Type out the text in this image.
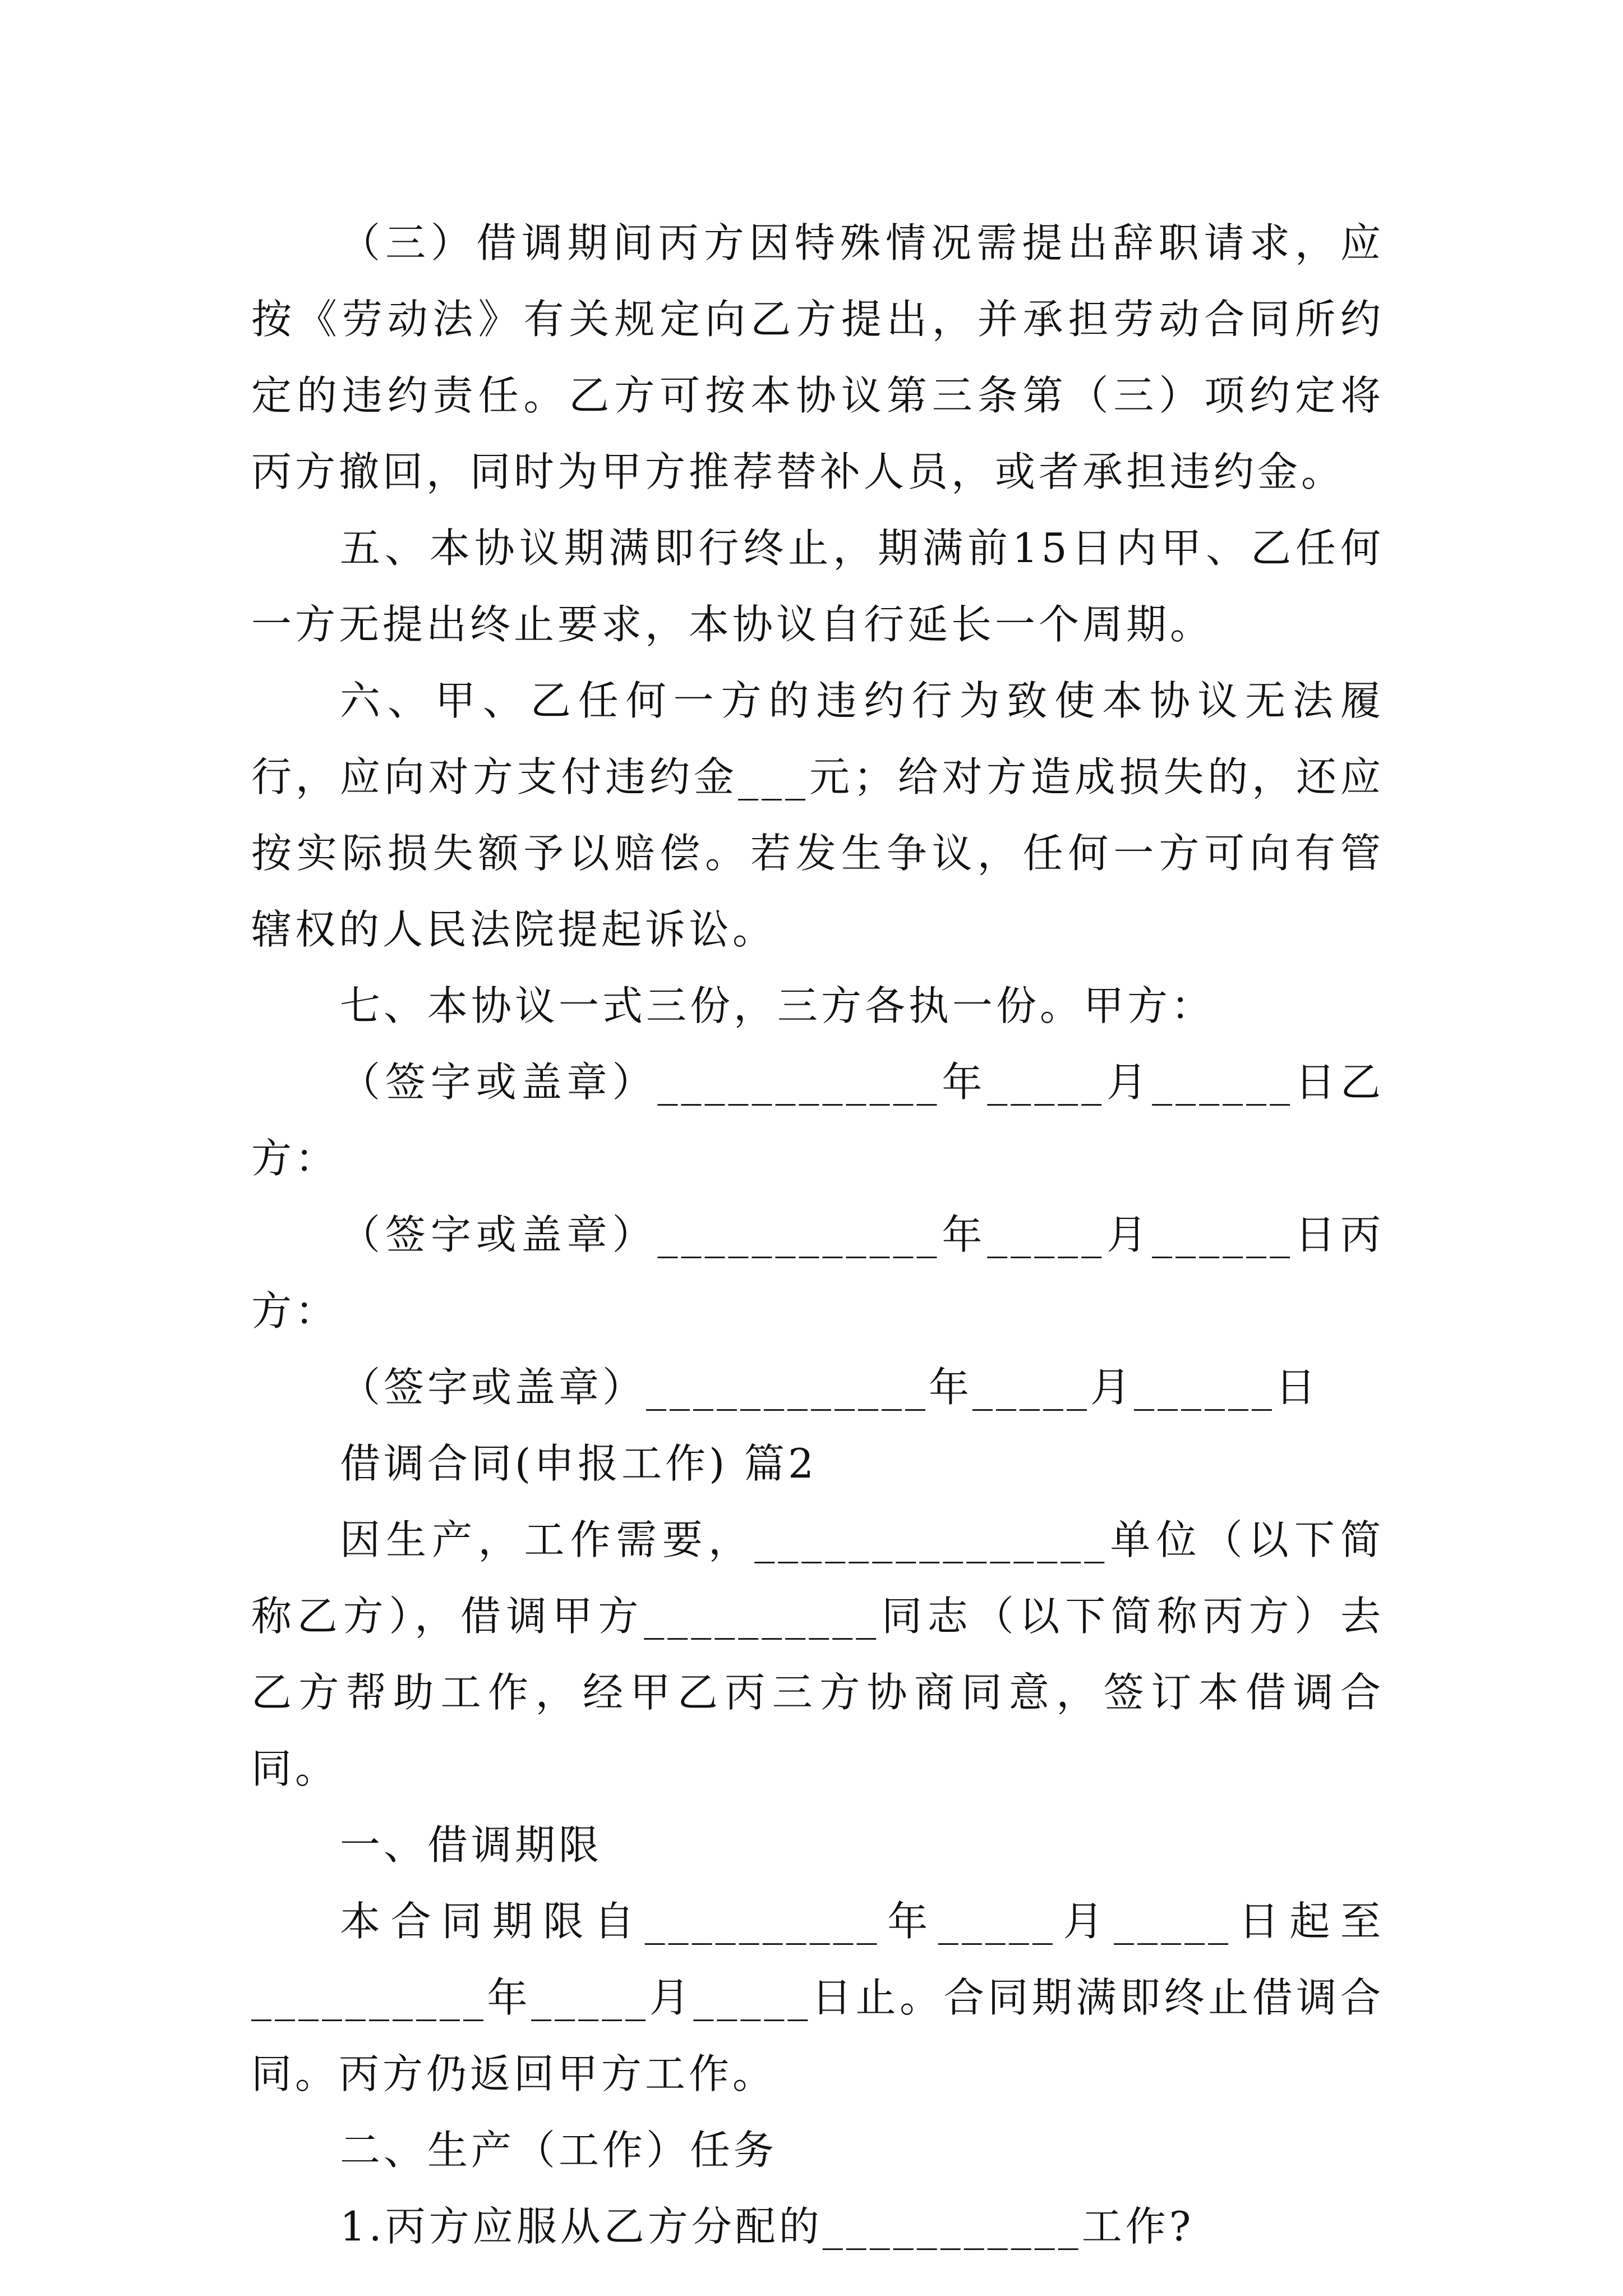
（三）借调期间丙方因特殊情况需提出辞职请求，应按《劳动法》有关规定向乙方提出，并承担劳动合同所约定的违约责任。乙方可按本协议第三条第（三）项约定将丙方撤回，同时为甲方推荐替补人员，或者承担违约金。

五、本协议期满即行终止，期满前15日内甲、乙任何一方无提出终止要求，本协议自行延长一个周期。

六、甲、乙任何一方的违约行为致使本协议无法履行，应向对方支付违约金___元；给对方造成损失的，还应按实际损失额予以赔偿。若发生争议，任何一方可向有管辖权的人民法院提起诉讼。

七、本协议一式三份，三方各执一份。甲方：

（签字或盖章）____________年_____月______日乙方：

（签字或盖章）____________年_____月______日丙方：

（签字或盖章）____________年_____月______日

借调合同(申报工作) 篇2

因生产，工作需要，_______________单位（以下简称乙方），借调甲方__________同志（以下简称丙方）去乙方帮助工作，经甲乙丙三方协商同意，签订本借调合同。

一、借调期限

本合同期限自__________年_____月_____日起至__________年_____月_____日止。合同期满即终止借调合同。丙方仍返回甲方工作。

二、生产（工作）任务

1.丙方应服从乙方分配的___________工作?
